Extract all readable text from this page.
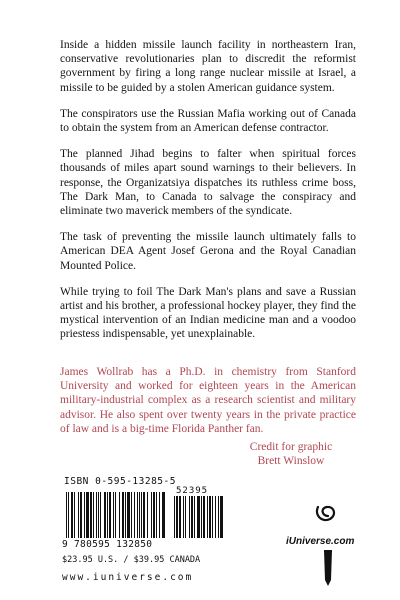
Inside a hidden missile launch facility in northeastern Iran, conservative revolutionaries plan to discredit the reformist government by firing a long range nuclear missile at Israel, a missile to be guided by a stolen American guidance system.

The conspirators use the Russian Mafia working out of Canada to obtain the system from an American defense contractor.

The planned Jihad begins to falter when spiritual forces thousands of miles apart sound warnings to their believers. In response, the Organizatsiya dispatches its ruthless crime boss, The Dark Man, to Canada to salvage the conspiracy and eliminate two maverick members of the syndicate.

The task of preventing the missile launch ultimately falls to American DEA Agent Josef Gerona and the Royal Canadian Mounted Police.

While trying to foil The Dark Man's plans and save a Russian artist and his brother, a professional hockey player, they find the mystical intervention of an Indian medicine man and a voodoo priestess indispensable, yet unexplainable.

James Wollrab has a Ph.D. in chemistry from Stanford University and worked for eighteen years in the American military-industrial complex as a research scientist and military advisor. He also spent over twenty years in the private practice of law and is a big-time Florida Panther fan.
Credit for graphic
Brett Winslow
ISBN 0-595-13285-5
52395
9 780595 132850
$23.95 U.S. / $39.95 CANADA
www.iuniverse.com
iUniverse.com
